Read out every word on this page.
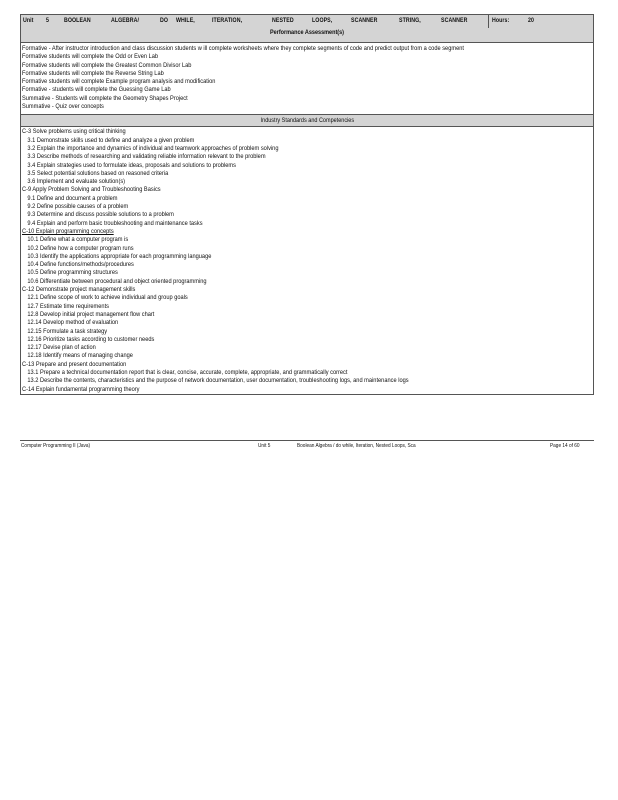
Unit 5 BOOLEAN	ALGEBRA/	DO WHILE,	ITERATION,	NESTED	LOOPS,	SCANNER	STRING,	SCANNER	Hours:	20
Performance Assessment(s)
Formative - After instructor introduction and class discussion students w ill complete worksheets where they complete segments of code and predict output from a code segment
Formative students will complete the Odd or Even Lab
Formative students will complete the Greatest Common Divisor Lab
Formative students will complete the Reverse String Lab
Formative students will complete Example program analysis and modification
Formative - students will complete the Guessing Game Lab
Summative - Students will complete the Geometry Shapes Project
Summative - Quiz over concepts
Industry Standards and Competencies
C-3 Solve problems using critical thinking
3.1 Demonstrate skills used to define and analyze a given problem
3.2 Explain the importance and dynamics of individual and teamwork approaches of problem solving
3.3 Describe methods of researching and validating reliable information relevant to the problem
3.4 Explain strategies used to formulate ideas, proposals and solutions to problems
3.5 Select potential solutions based on reasoned criteria
3.6 Implement and evaluate solution(s)
C-9 Apply Problem Solving and Troubleshooting Basics
9.1 Define and document a problem
9.2 Define possible causes of a problem
9.3 Determine and discuss possible solutions to a problem
9.4 Explain and perform basic troubleshooting and maintenance tasks
C-10 Explain programming concepts
10.1 Define what a computer program is
10.2 Define how a computer program runs
10.3 Identify the applications appropriate for each programming language
10.4 Define functions/methods/procedures
10.5 Define programming structures
10.6 Differentiate between procedural and object oriented programming
C-12 Demonstrate project management skills
12.1 Define scope of work to achieve individual and group goals
12.7 Estimate time requirements
12.8 Develop initial project management flow chart
12.14 Develop method of evaluation
12.15 Formulate a task strategy
12.16 Prioritize tasks according to customer needs
12.17 Devise plan of action
12.18 Identify means of managing change
C-13 Prepare and present documentation
13.1 Prepare a technical documentation report that is clear, concise, accurate, complete, appropriate, and grammatically correct
13.2 Describe the contents, characteristics and the purpose of network documentation, user documentation, troubleshooting logs, and maintenance logs
C-14 Explain fundamental programming theory
Computer Programming II (Java)	Unit 5	Boolean Algebra / do while, Iteration, Nested Loops, Sca	Page 14 of 60
